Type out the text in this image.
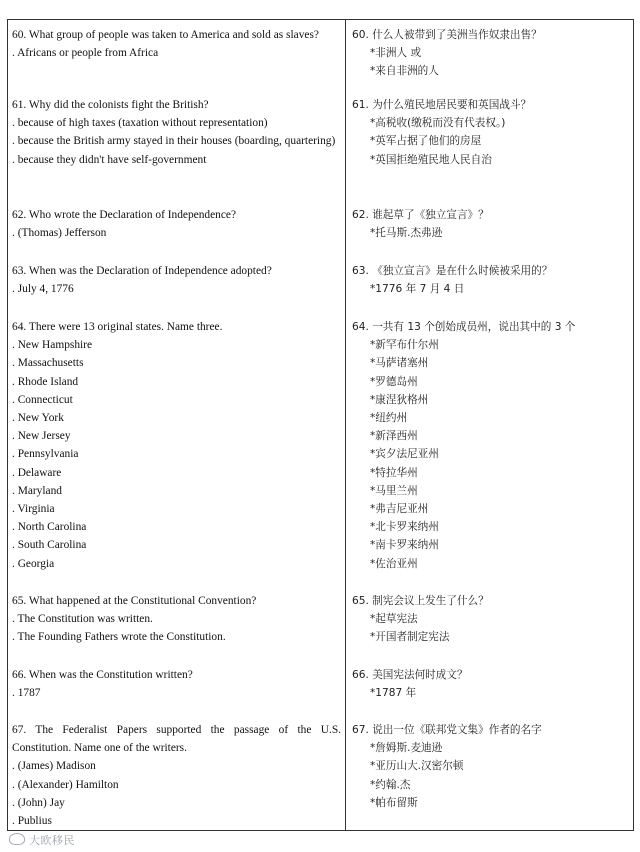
60. What group of people was taken to America and sold as slaves?
. Africans or people from Africa
61. Why did the colonists fight the British?
. because of high taxes (taxation without representation)
. because the British army stayed in their houses (boarding, quartering)
. because they didn't have self-government
62. Who wrote the Declaration of Independence?
. (Thomas) Jefferson
63. When was the Declaration of Independence adopted?
. July 4, 1776
64. There were 13 original states. Name three.
. New Hampshire
. Massachusetts
. Rhode Island
. Connecticut
. New York
. New Jersey
. Pennsylvania
. Delaware
. Maryland
. Virginia
. North Carolina
. South Carolina
. Georgia
65. What happened at the Constitutional Convention?
. The Constitution was written.
. The Founding Fathers wrote the Constitution.
66. When was the Constitution written?
. 1787
67. The Federalist Papers supported the passage of the U.S. Constitution. Name one of the writers.
. (James) Madison
. (Alexander) Hamilton
. (John) Jay
. Publius
60. 什么人被带到了美洲当作奴隶出售？
*非洲人 或
*来自非洲的人
61. 为什么殖民地居民要和英国战斗？
*高税收(缴税而没有代表权。)
*英军占据了他们的房屋
*英国拒绝殖民地人民自治
62. 谁起草了《独立宣言》？
*托马斯.杰弗逊
63. 《独立宣言》是在什么时候被采用的？
*1776 年 7 月 4 日
64. 一共有 13 个创始成员州，说出其中的 3 个
*新罕布什尔州
*马萨诸塞州
*罗德岛州
*康涅狄格州
*纽约州
*新泽西州
*宾夕法尼亚州
*特拉华州
*马里兰州
*弗吉尼亚州
*北卡罗来纳州
*南卡罗来纳州
*佐治亚州
65. 制宪会议上发生了什么？
*起草宪法
*开国者制定宪法
66. 美国宪法何时成文？
*1787 年
67. 说出一位《联邦党文集》作者的名字
*詹姆斯.麦迪逊
*亚历山大.汉密尔顿
*约翰.杰
*帕布留斯
大欧移民
